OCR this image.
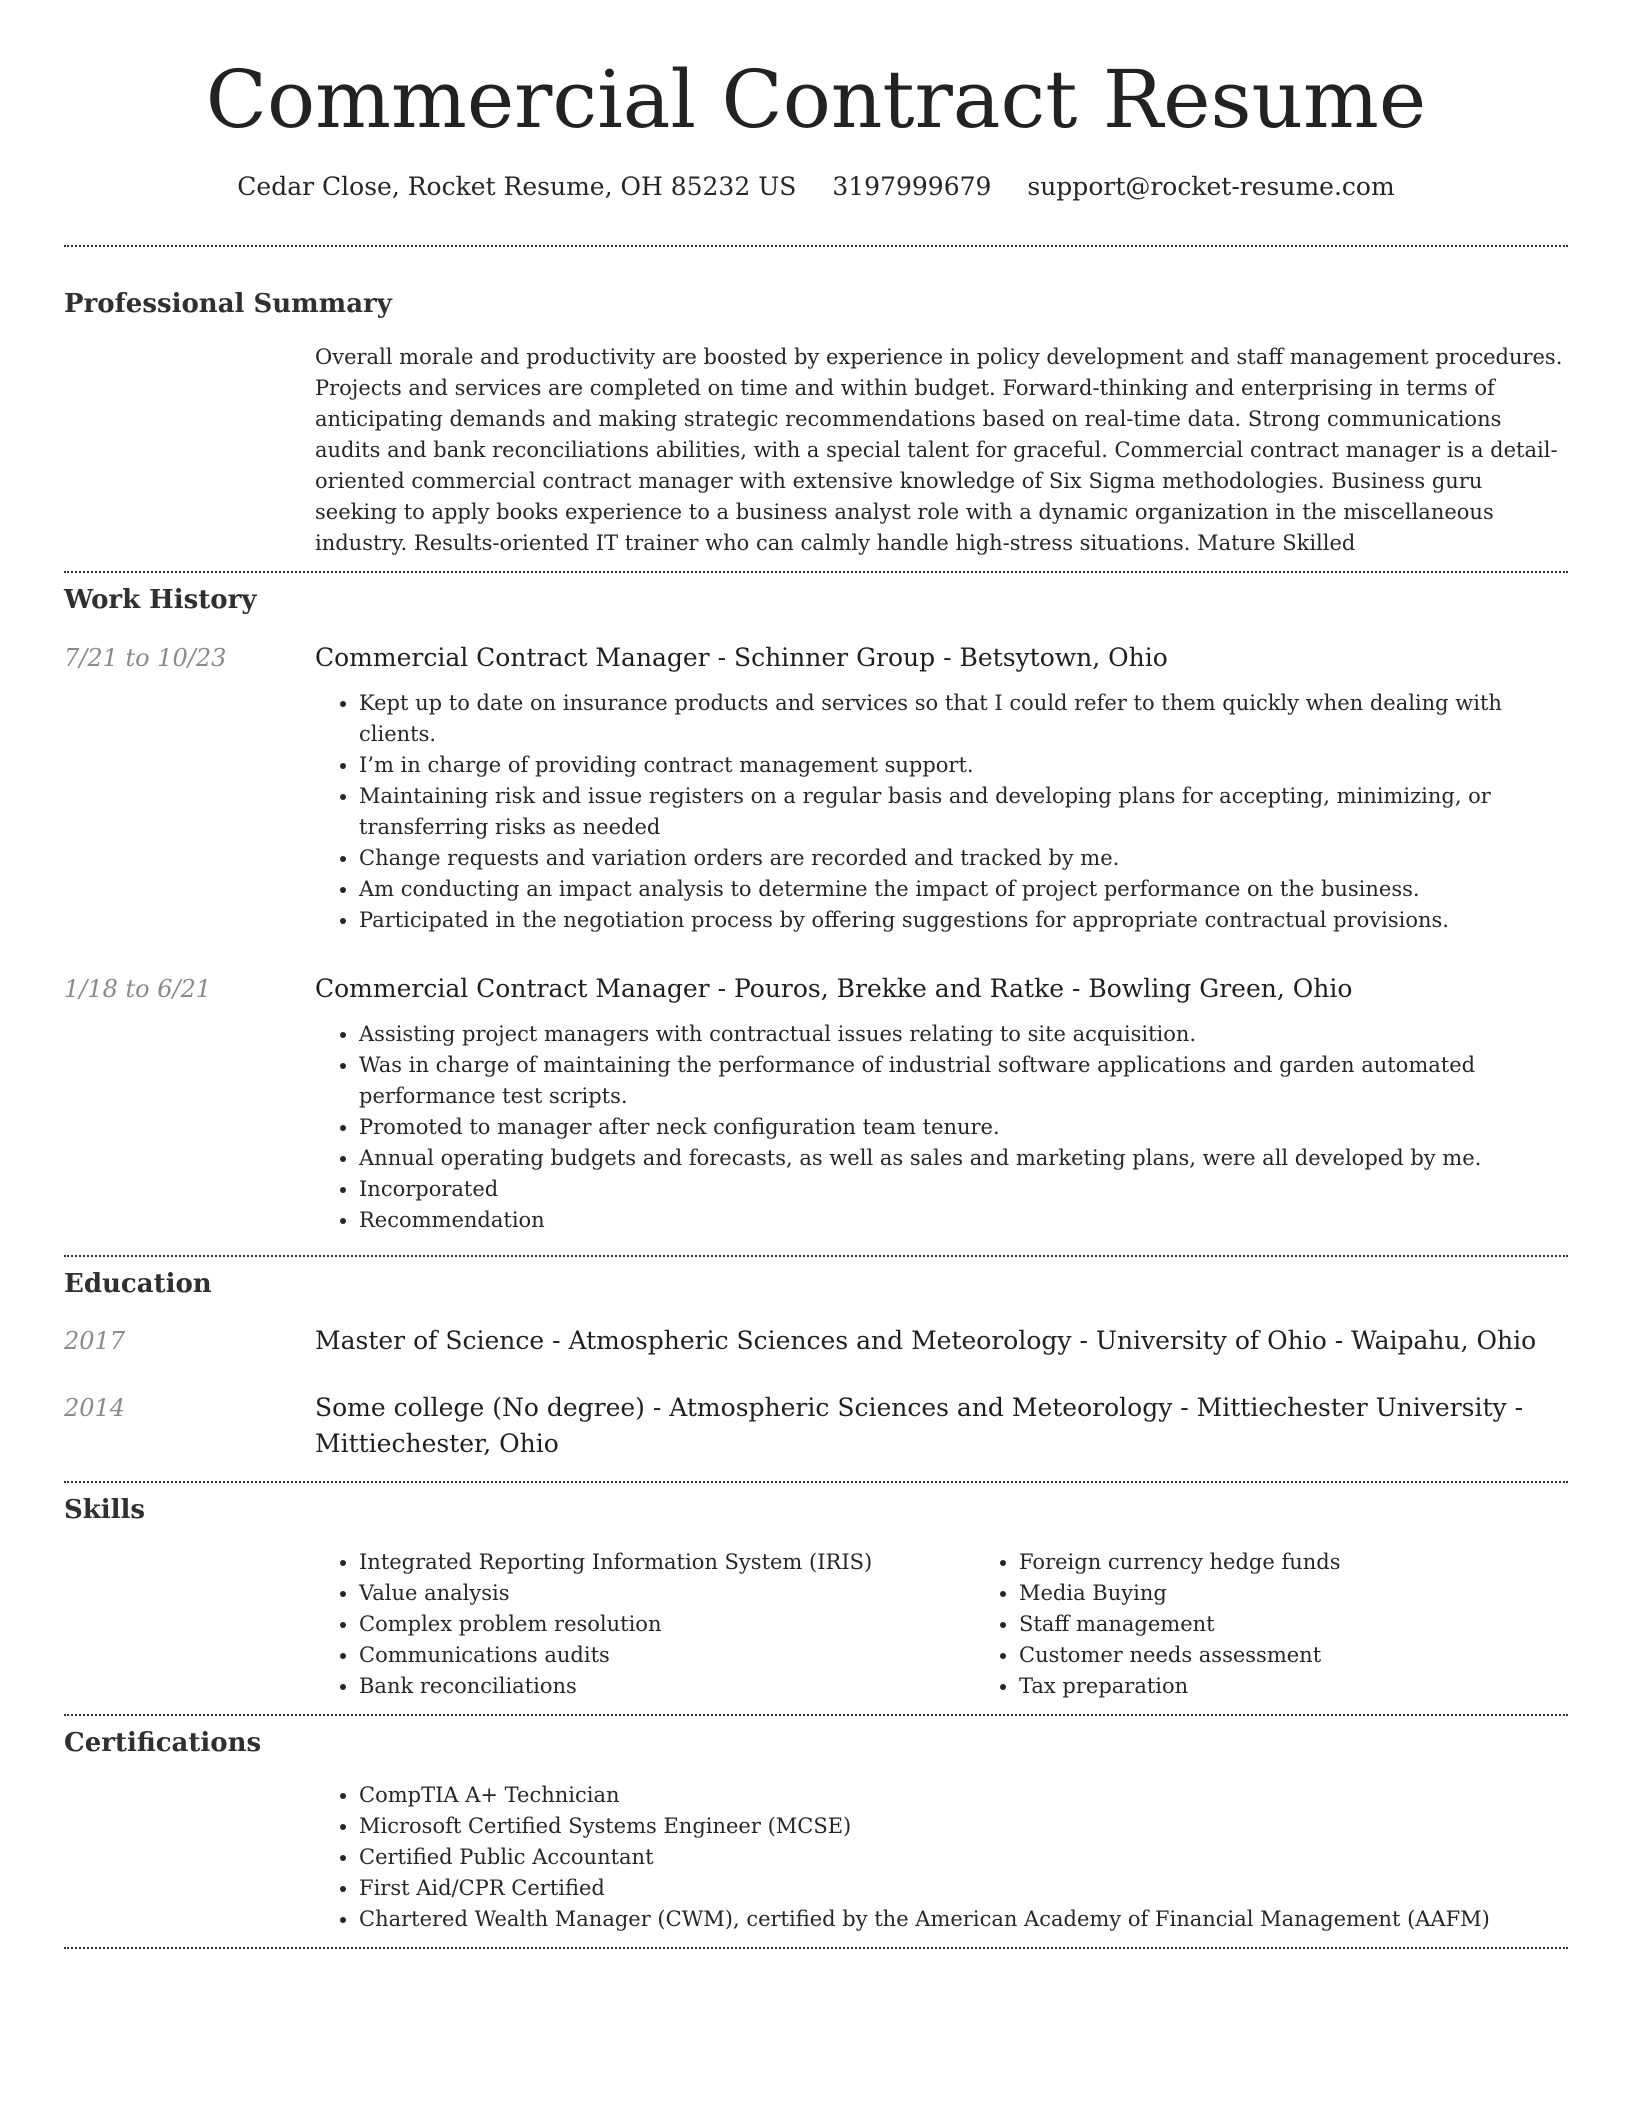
Commercial Contract Resume
Cedar Close, Rocket Resume, OH 85232 US 3197999679 support@rocket-resume.com
Professional Summary

Overall morale and productivity are boosted by experience in policy development and staff management procedures. Projects and services are completed on time and within budget. Forward-thinking and enterprising in terms of anticipating demands and making strategic recommendations based on real-time data. Strong communications audits and bank reconciliations abilities, with a special talent for graceful. Commercial contract manager is a detail-oriented commercial contract manager with extensive knowledge of Six Sigma methodologies. Business guru seeking to apply books experience to a business analyst role with a dynamic organization in the miscellaneous industry. Results-oriented IT trainer who can calmly handle high-stress situations. Mature Skilled

Work History
7/21 to 10/23	Commercial Contract Manager - Schinner Group - Betsytown, Ohio

• Kept up to date on insurance products and services so that I could refer to them quickly when dealing with clients.
• I’m in charge of providing contract management support.
• Maintaining risk and issue registers on a regular basis and developing plans for accepting, minimizing, or transferring risks as needed
• Change requests and variation orders are recorded and tracked by me.
• Am conducting an impact analysis to determine the impact of project performance on the business.
• Participated in the negotiation process by offering suggestions for appropriate contractual provisions.
1/18 to 6/21	Commercial Contract Manager - Pouros, Brekke and Ratke - Bowling Green, Ohio

• Assisting project managers with contractual issues relating to site acquisition.
• Was in charge of maintaining the performance of industrial software applications and garden automated performance test scripts.
• Promoted to manager after neck configuration team tenure.
• Annual operating budgets and forecasts, as well as sales and marketing plans, were all developed by me.
• Incorporated
• Recommendation
Education
2017	Master of Science - Atmospheric Sciences and Meteorology - University of Ohio - Waipahu, Ohio

2014	Some college (No degree) - Atmospheric Sciences and Meteorology - Mittiechester University - Mittiechester, Ohio

Skills
• Integrated Reporting Information System (IRIS)
• Value analysis
• Complex problem resolution
• Communications audits
• Bank reconciliations
• Foreign currency hedge funds
• Media Buying
• Staff management
• Customer needs assessment
• Tax preparation
Certifications
• CompTIA A+ Technician
• Microsoft Certified Systems Engineer (MCSE)
• Certified Public Accountant
• First Aid/CPR Certified
• Chartered Wealth Manager (CWM), certified by the American Academy of Financial Management (AAFM)
